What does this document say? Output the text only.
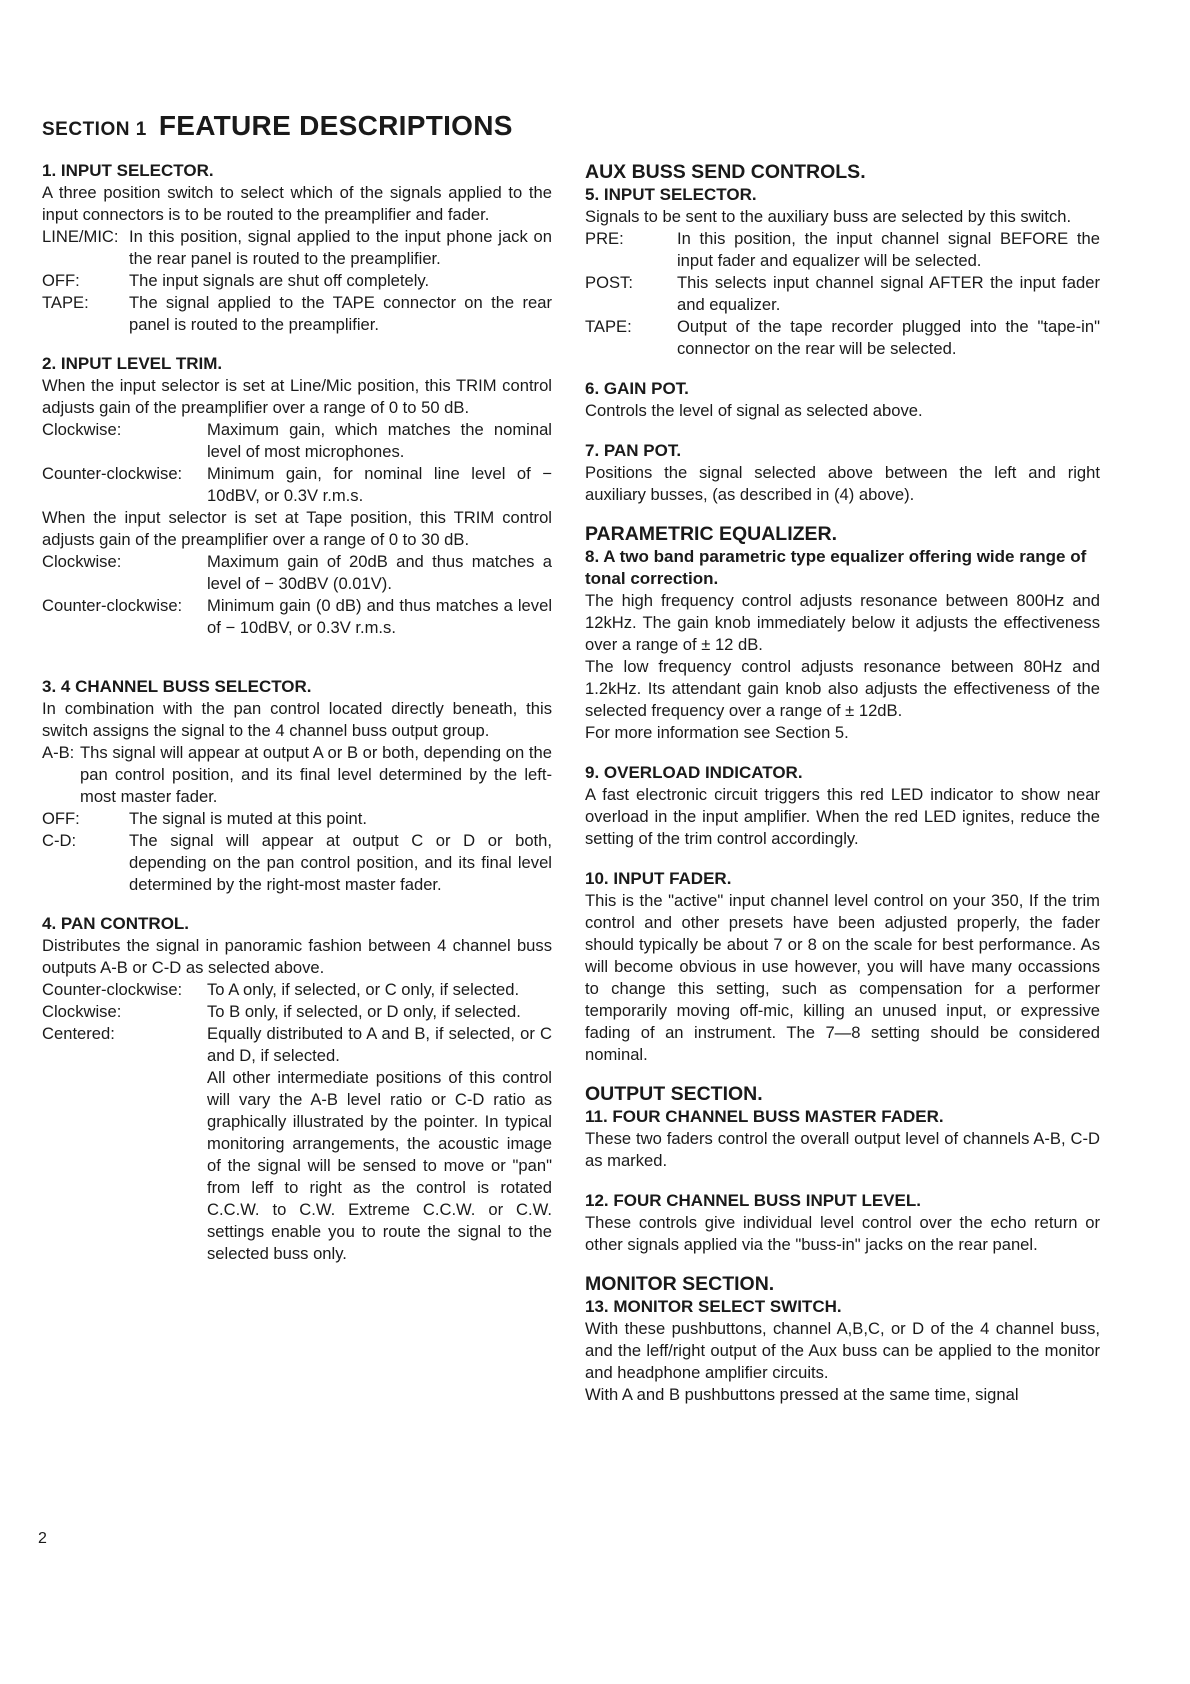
SECTION 1 FEATURE DESCRIPTIONS
1. INPUT SELECTOR.

A three position switch to select which of the signals applied to the input connectors is to be routed to the preamplifier and fader.

LINE/MIC: In this position, signal applied to the input phone jack on the rear panel is routed to the preamplifier.
OFF:	The input signals are shut off completely.
TAPE:	The signal applied to the TAPE connector on the rear panel is routed to the preamplifier.
2. INPUT LEVEL TRIM.

When the input selector is set at Line/Mic position, this TRIM control adjusts gain of the preamplifier over a range of 0 to 50 dB.

Clockwise:	Maximum gain, which matches the nominal level of most microphones.
Counter-clockwise:	Minimum gain, for nominal line level of − 10dBV, or 0.3V r.m.s.

When the input selector is set at Tape position, this TRIM control adjusts gain of the preamplifier over a range of 0 to 30 dB.

Clockwise:	Maximum gain of 20dB and thus matches a level of − 30dBV (0.01V).
Counter-clockwise:	Minimum gain (0 dB) and thus matches a level of − 10dBV, or 0.3V r.m.s.
3. 4 CHANNEL BUSS SELECTOR.

In combination with the pan control located directly beneath, this switch assigns the signal to the 4 channel buss output group.

A-B: Ths signal will appear at output A or B or both, depending on the pan control position, and its final level determined by the left-most master fader.
OFF:	The signal is muted at this point.
C-D:	The signal will appear at output C or D or both, depending on the pan control position, and its final level determined by the right-most master fader.
4. PAN CONTROL.

Distributes the signal in panoramic fashion between 4 channel buss outputs A-B or C-D as selected above.

Counter-clockwise:	To A only, if selected, or C only, if selected.
Clockwise:	To B only, if selected, or D only, if selected.
Centered:	Equally distributed to A and B, if selected, or C and D, if selected.

All other intermediate positions of this control will vary the A-B level ratio or C-D ratio as graphically illustrated by the pointer. In typical monitoring arrangements, the acoustic image of the signal will be sensed to move or "pan" from leff to right as the control is rotated C.C.W. to C.W. Extreme C.C.W. or C.W. settings enable you to route the signal to the selected buss only.

AUX BUSS SEND CONTROLS.
5. INPUT SELECTOR.

Signals to be sent to the auxiliary buss are selected by this switch.

PRE:	In this position, the input channel signal BEFORE the input fader and equalizer will be selected.
POST:	This selects input channel signal AFTER the input fader and equalizer.
TAPE:	Output of the tape recorder plugged into the "tape-in" connector on the rear will be selected.
6. GAIN POT.

Controls the level of signal as selected above.

7. PAN POT.

Positions the signal selected above between the left and right auxiliary busses, (as described in (4) above).

PARAMETRIC EQUALIZER.
8. A two band parametric type equalizer offering wide range of tonal correction.

The high frequency control adjusts resonance between 800Hz and 12kHz. The gain knob immediately below it adjusts the effectiveness over a range of ± 12 dB.

The low frequency control adjusts resonance between 80Hz and 1.2kHz. Its attendant gain knob also adjusts the effectiveness of the selected frequency over a range of ± 12dB.

For more information see Section 5.

9. OVERLOAD INDICATOR.

A fast electronic circuit triggers this red LED indicator to show near overload in the input amplifier. When the red LED ignites, reduce the setting of the trim control accordingly.

10. INPUT FADER.

This is the "active" input channel level control on your 350, If the trim control and other presets have been adjusted properly, the fader should typically be about 7 or 8 on the scale for best performance. As will become obvious in use however, you will have many occassions to change this setting, such as compensation for a performer temporarily moving off-mic, killing an unused input, or expressive fading of an instrument. The 7—8 setting should be considered nominal.

OUTPUT SECTION.
11. FOUR CHANNEL BUSS MASTER FADER.

These two faders control the overall output level of channels A-B, C-D as marked.

12. FOUR CHANNEL BUSS INPUT LEVEL.

These controls give individual level control over the echo return or other signals applied via the "buss-in" jacks on the rear panel.

MONITOR SECTION.
13. MONITOR SELECT SWITCH.

With these pushbuttons, channel A,B,C, or D of the 4 channel buss, and the leff/right output of the Aux buss can be applied to the monitor and headphone amplifier circuits.

With A and B pushbuttons pressed at the same time, signal

2
